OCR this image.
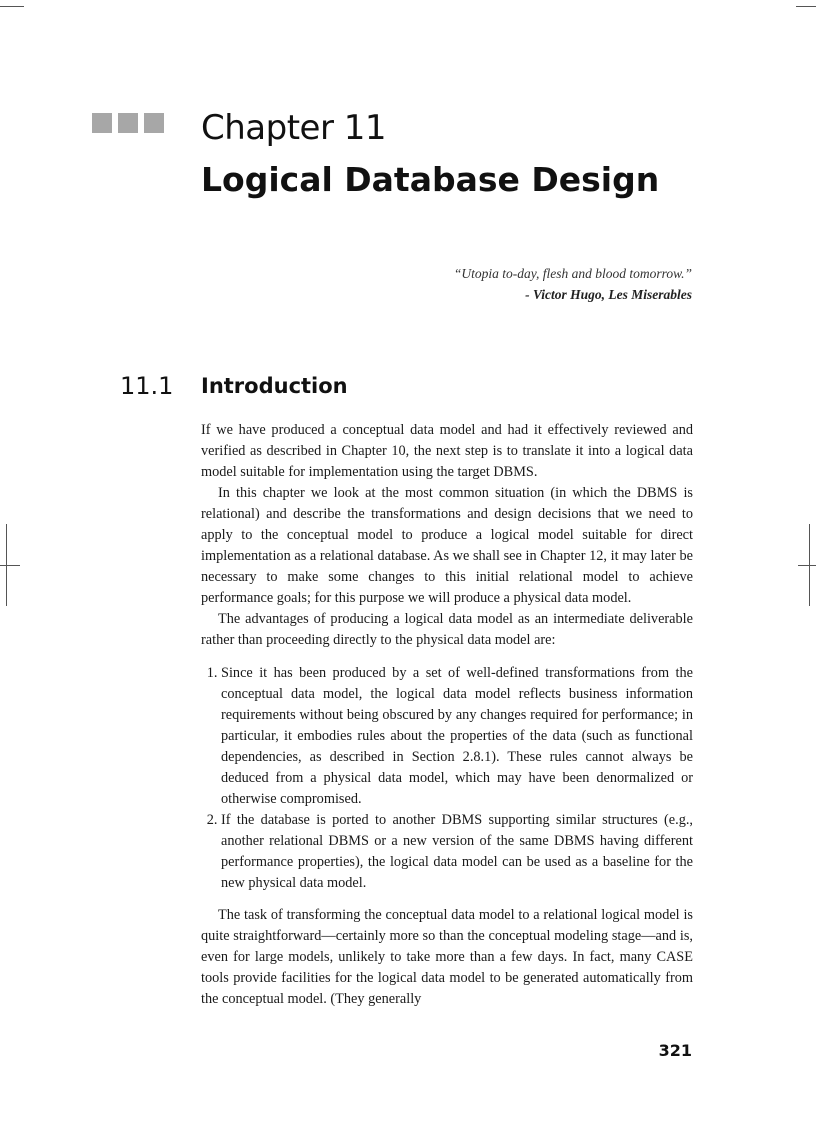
Chapter 11
Logical Database Design
“Utopia to-day, flesh and blood tomorrow.”
- Victor Hugo, Les Miserables
11.1 Introduction

If we have produced a conceptual data model and had it effectively reviewed and verified as described in Chapter 10, the next step is to translate it into a logical data model suitable for implementation using the target DBMS.

In this chapter we look at the most common situation (in which the DBMS is relational) and describe the transformations and design decisions that we need to apply to the conceptual model to produce a logical model suitable for direct implementation as a relational database. As we shall see in Chapter 12, it may later be necessary to make some changes to this initial relational model to achieve performance goals; for this purpose we will produce a physical data model.

The advantages of producing a logical data model as an intermediate deliverable rather than proceeding directly to the physical data model are:

1. Since it has been produced by a set of well-defined transformations from the conceptual data model, the logical data model reflects business information requirements without being obscured by any changes required for performance; in particular, it embodies rules about the properties of the data (such as functional dependencies, as described in Section 2.8.1). These rules cannot always be deduced from a physical data model, which may have been denormalized or otherwise compromised.
2. If the database is ported to another DBMS supporting similar structures (e.g., another relational DBMS or a new version of the same DBMS having different performance properties), the logical data model can be used as a baseline for the new physical data model.

The task of transforming the conceptual data model to a relational logical model is quite straightforward—certainly more so than the conceptual modeling stage—and is, even for large models, unlikely to take more than a few days. In fact, many CASE tools provide facilities for the logical data model to be generated automatically from the conceptual model. (They generally

321
